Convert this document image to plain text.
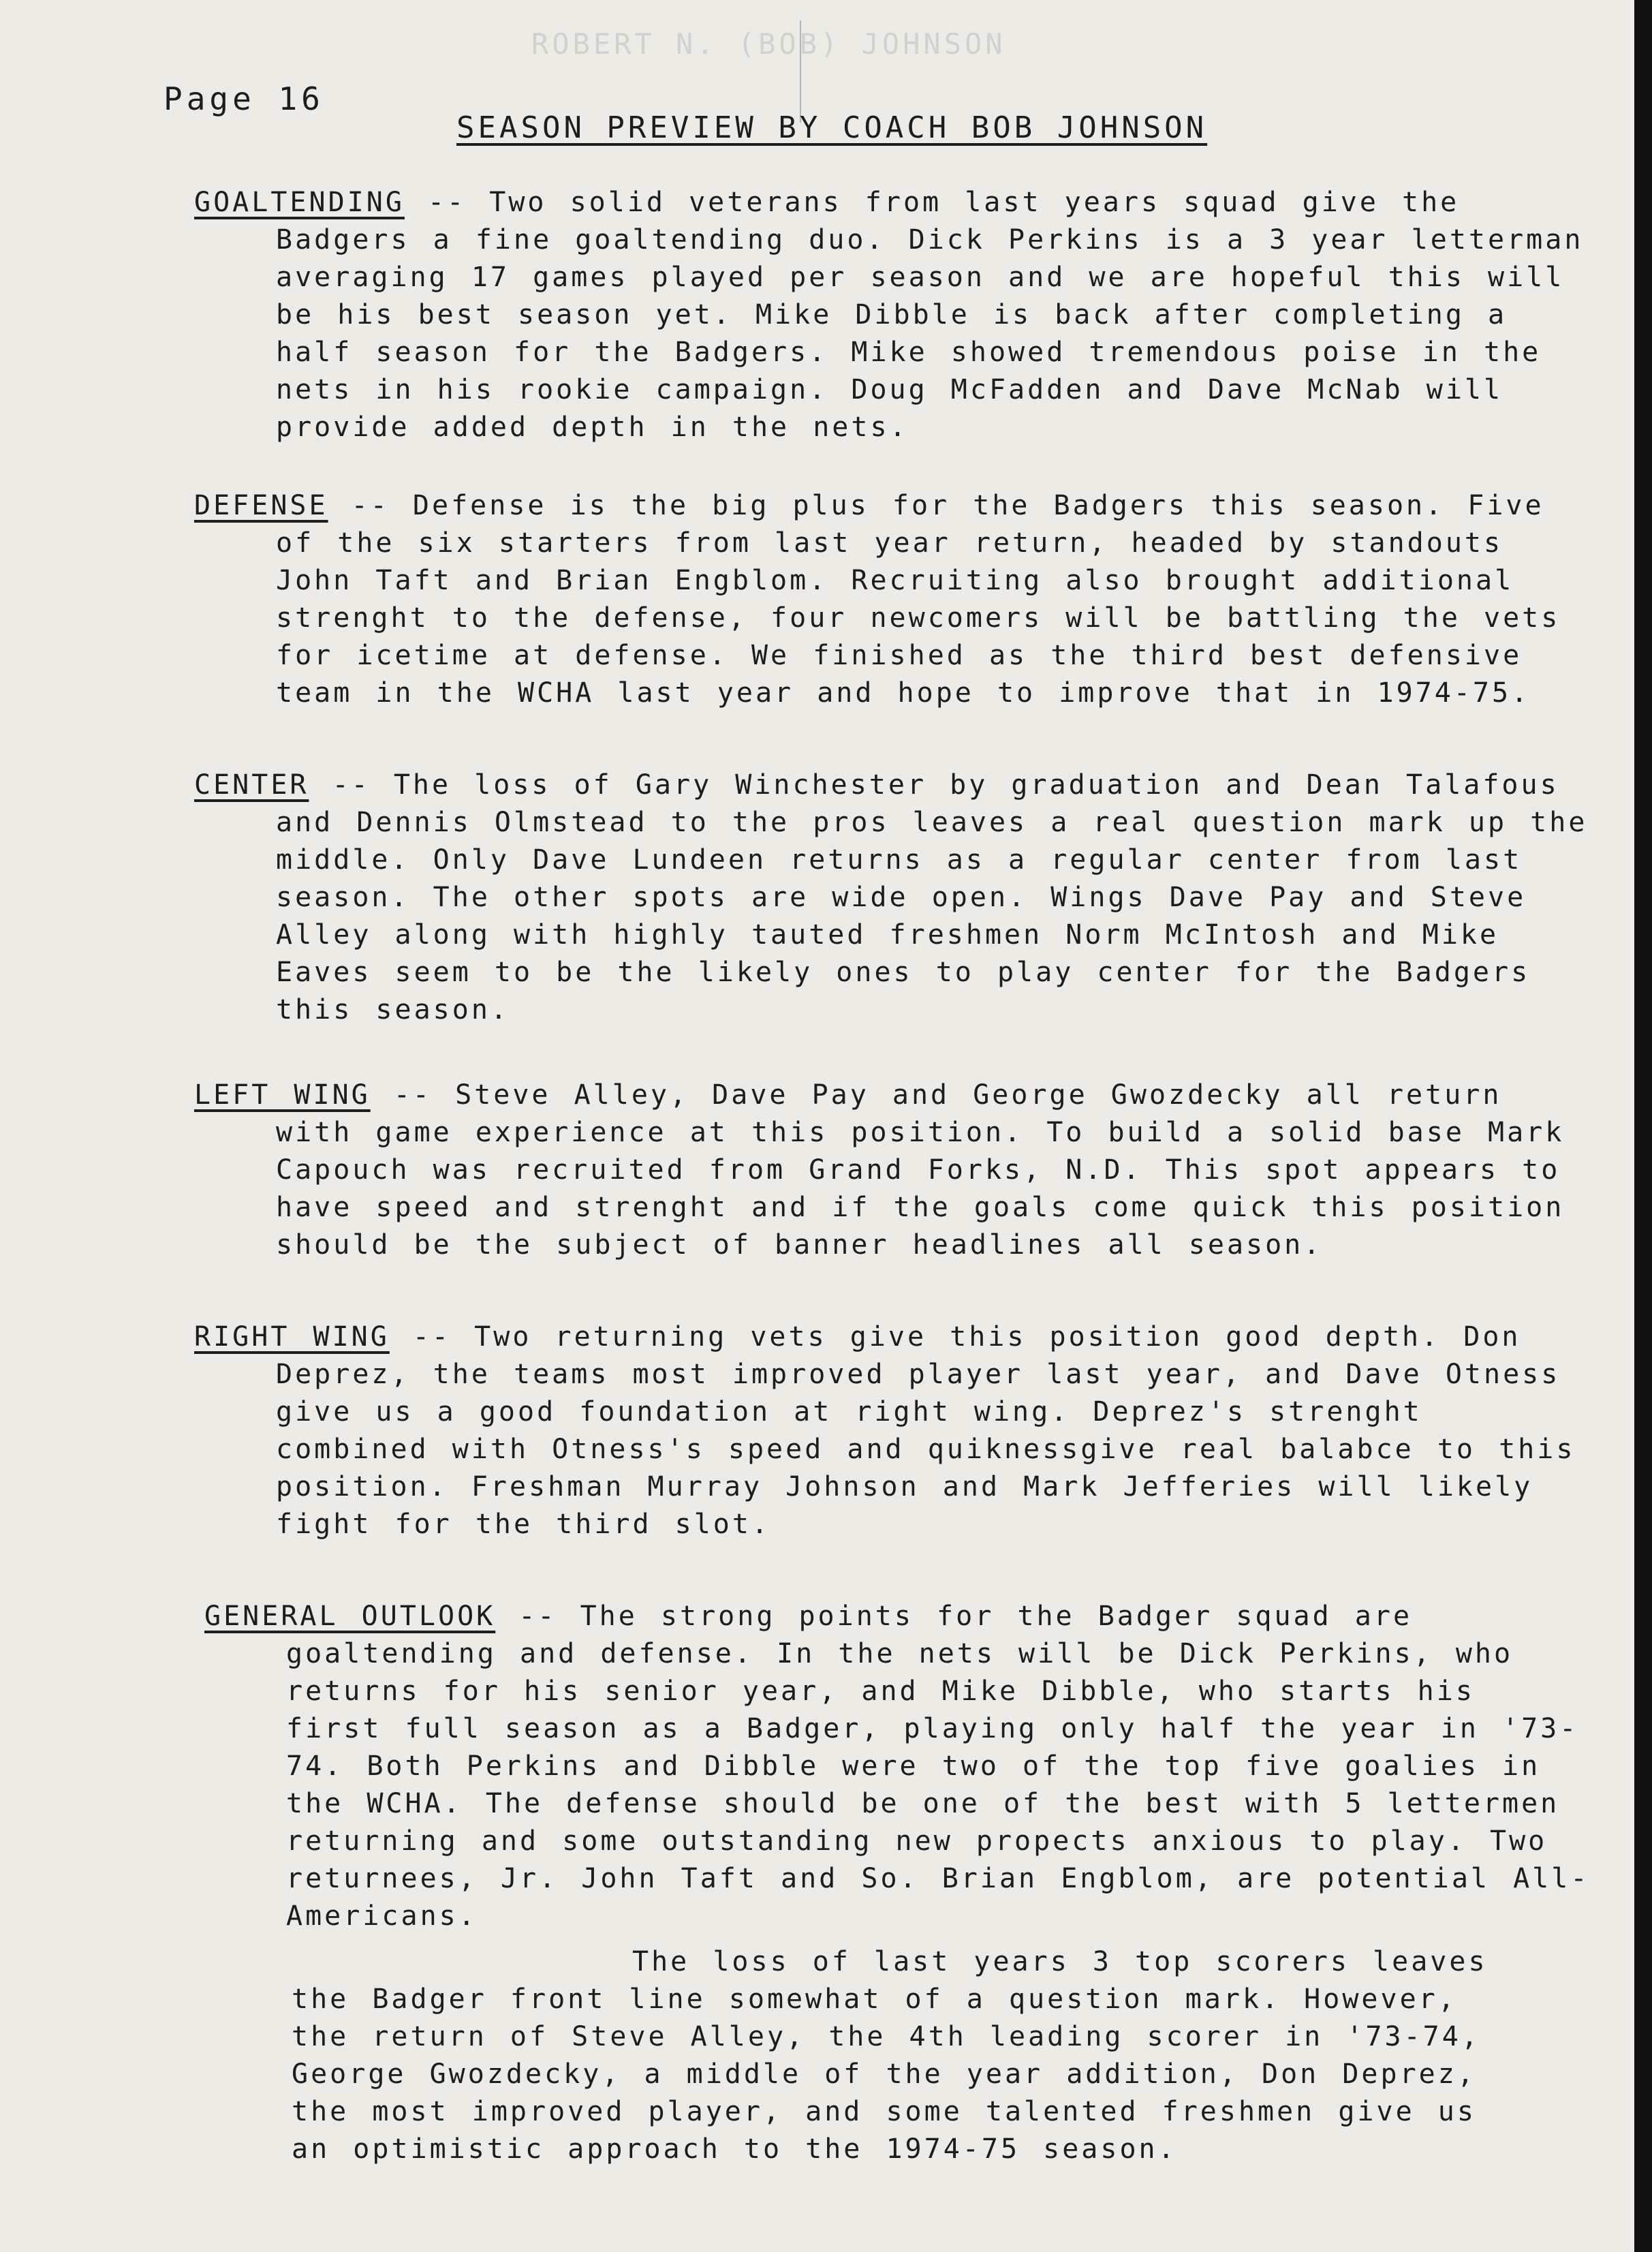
ROBERT N. (BOB) JOHNSON
Page 16
SEASON PREVIEW BY COACH BOB JOHNSON
GOALTENDING -- Two solid veterans from last years squad give the Badgers a fine goaltending duo. Dick Perkins is a 3 year letterman averaging 17 games played per season and we are hopeful this will be his best season yet. Mike Dibble is back after completing a half season for the Badgers. Mike showed tremendous poise in the nets in his rookie campaign. Doug McFadden and Dave McNab will provide added depth in the nets.
DEFENSE -- Defense is the big plus for the Badgers this season. Five of the six starters from last year return, headed by standouts John Taft and Brian Engblom. Recruiting also brought additional strenght to the defense, four newcomers will be battling the vets for icetime at defense. We finished as the third best defensive team in the WCHA last year and hope to improve that in 1974-75.
CENTER -- The loss of Gary Winchester by graduation and Dean Talafous and Dennis Olmstead to the pros leaves a real question mark up the middle. Only Dave Lundeen returns as a regular center from last season. The other spots are wide open. Wings Dave Pay and Steve Alley along with highly tauted freshmen Norm McIntosh and Mike Eaves seem to be the likely ones to play center for the Badgers this season.
LEFT WING -- Steve Alley, Dave Pay and George Gwozdecky all return with game experience at this position. To build a solid base Mark Capouch was recruited from Grand Forks, N.D. This spot appears to have speed and strenght and if the goals come quick this position should be the subject of banner headlines all season.
RIGHT WING -- Two returning vets give this position good depth. Don Deprez, the teams most improved player last year, and Dave Otness give us a good foundation at right wing. Deprez's strenght combined with Otness's speed and quiknessgive real balabce to this position. Freshman Murray Johnson and Mark Jefferies will likely fight for the third slot.
GENERAL OUTLOOK -- The strong points for the Badger squad are goaltending and defense. In the nets will be Dick Perkins, who returns for his senior year, and Mike Dibble, who starts his first full season as a Badger, playing only half the year in '73-74. Both Perkins and Dibble were two of the top five goalies in the WCHA. The defense should be one of the best with 5 lettermen returning and some outstanding new propects anxious to play. Two returnees, Jr. John Taft and So. Brian Engblom, are potential All-Americans.
The loss of last years 3 top scorers leaves the Badger front line somewhat of a question mark. However, the return of Steve Alley, the 4th leading scorer in '73-74, George Gwozdecky, a middle of the year addition, Don Deprez, the most improved player, and some talented freshmen give us an optimistic approach to the 1974-75 season.
